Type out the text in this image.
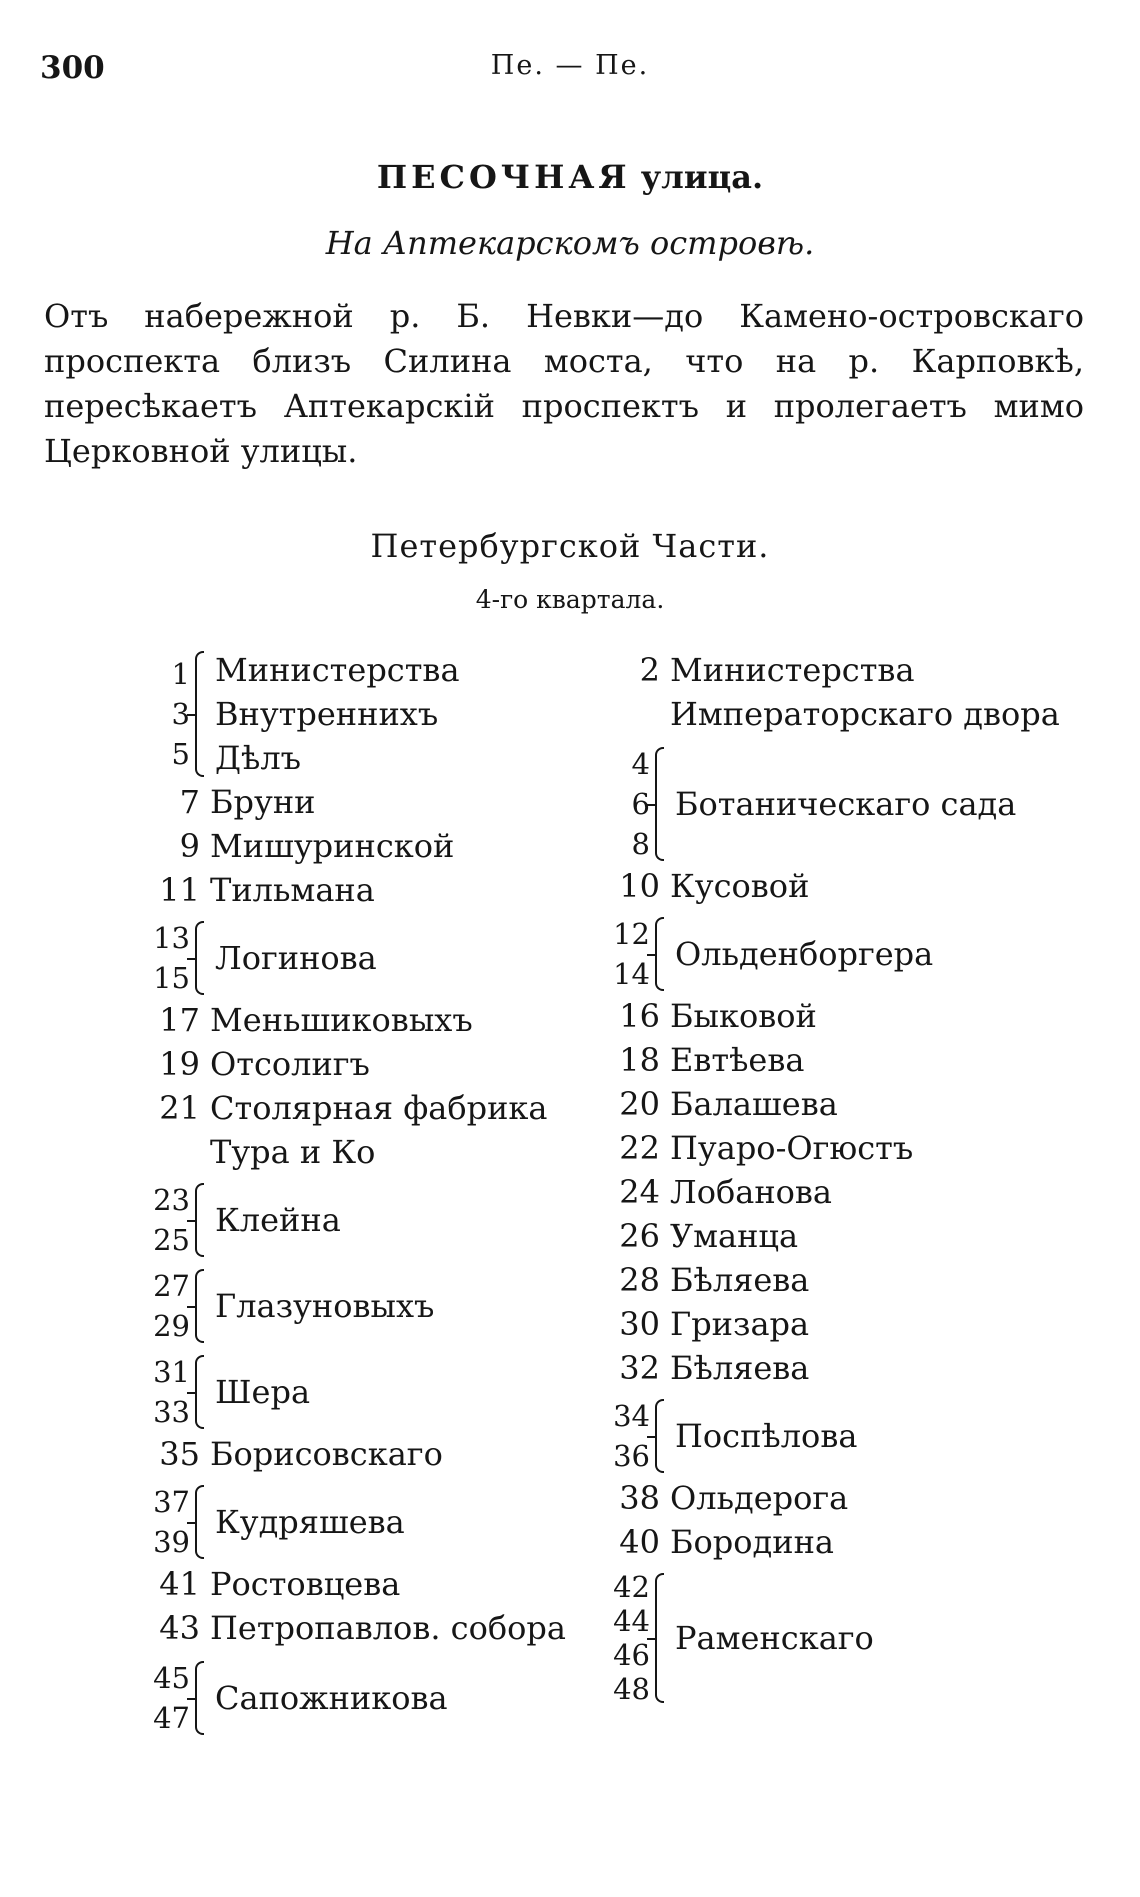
300	Пе. — Пе.
ПЕСОЧНАЯ улица.
На Аптекарскомъ островѣ.

Отъ набережной р. Б. Невки—до Камено-островскаго проспекта близъ Силина моста, что на р. Карповкѣ, пересѣкаетъ Аптекарскій проспектъ и пролегаетъ мимо Церковной улицы.

Петербургской Части.
4-го квартала.
1
3
5
Министерства Внутреннихъ Дѣлъ
7 Бруни
9 Мишуринской
11 Тильмана
13
15
Логинова
17 Меньшиковыхъ
19 Отсолигъ
21 Столярная фабрика Тура и Ко
23
25
Клейна
27
29
Глазуновыхъ
31
33
Шера
35 Борисовскаго
37
39
Кудряшева
41 Ростовцева
43 Петропавлов. собора
45
47
Сапожникова
2 Министерства Императорскаго двора
4
6
8
Ботаническаго сада
10 Кусовой
12
14
Ольденборгера
16 Быковой
18 Евтѣева
20 Балашева
22 Пуаро-Огюстъ
24 Лобанова
26 Уманца
28 Бѣляева
30 Гризара
32 Бѣляева
34
36
Поспѣлова
38 Ольдерога
40 Бородина
42
44
46
48
Раменскаго
